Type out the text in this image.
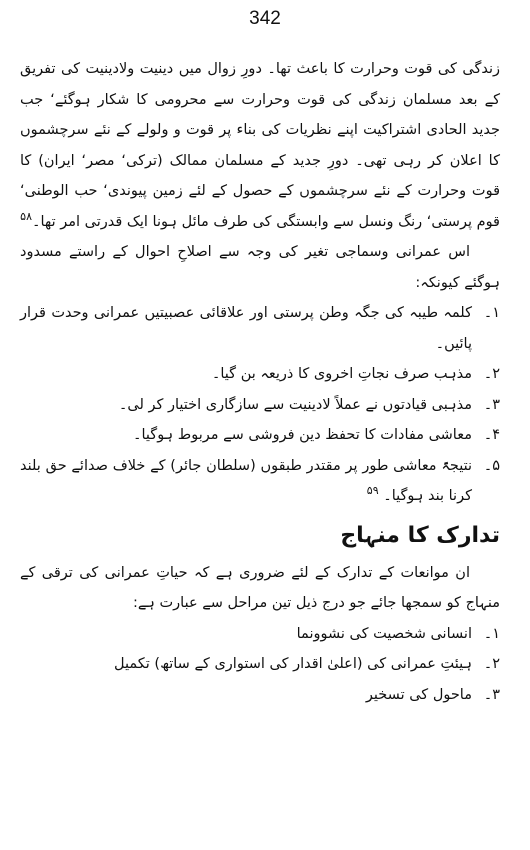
342

زندگی کی قوت وحرارت کا باعث تھا۔ دورِ زوال میں دینیت ولادینیت کی تفریق کے بعد مسلمان زندگی کی قوت وحرارت سے محرومی کا شکار ہوگئے‘ جب جدید الحادی اشتراکیت اپنے نظریات کی بناء پر قوت و ولولے کے نئے سرچشموں کا اعلان کر رہی تھی۔ دورِ جدید کے مسلمان ممالک (ترکی‘ مصر‘ ایران) کا قوت وحرارت کے نئے سرچشموں کے حصول کے لئے زمین پیوندی‘ حب الوطنی‘ قوم پرستی‘ رنگ ونسل سے وابستگی کی طرف مائل ہونا ایک قدرتی امر تھا۔$^{۵۸}$

اس عمرانی وسماجی تغیر کی وجہ سے اصلاحِ احوال کے راستے مسدود ہوگئے کیونکہ:

۱۔
کلمہ طیبہ کی جگہ وطن پرستی اور علاقائی عصبیتیں عمرانی وحدت قرار پائیں۔
۲۔
مذہب صرف نجاتِ اخروی کا ذریعہ بن گیا۔
۳۔
مذہبی قیادتوں نے عملاً لادینیت سے سازگاری اختیار کر لی۔
۴۔
معاشی مفادات کا تحفظ دین فروشی سے مربوط ہوگیا۔
۵۔
نتیجۃً معاشی طور پر مقتدر طبقوں (سلطان جائر) کے خلاف صدائے حق بلند کرنا بند ہوگیا۔ $^{۵۹}$

تدارک کا منہاج

ان موانعات کے تدارک کے لئے ضروری ہے کہ حیاتِ عمرانی کی ترقی کے منہاج کو سمجھا جائے جو درج ذیل تین مراحل سے عبارت ہے:

۱۔
انسانی شخصیت کی نشوونما
۲۔
ہیئتِ عمرانی کی (اعلیٰ اقدار کی استواری کے ساتھ) تکمیل
۳۔
ماحول کی تسخیر
